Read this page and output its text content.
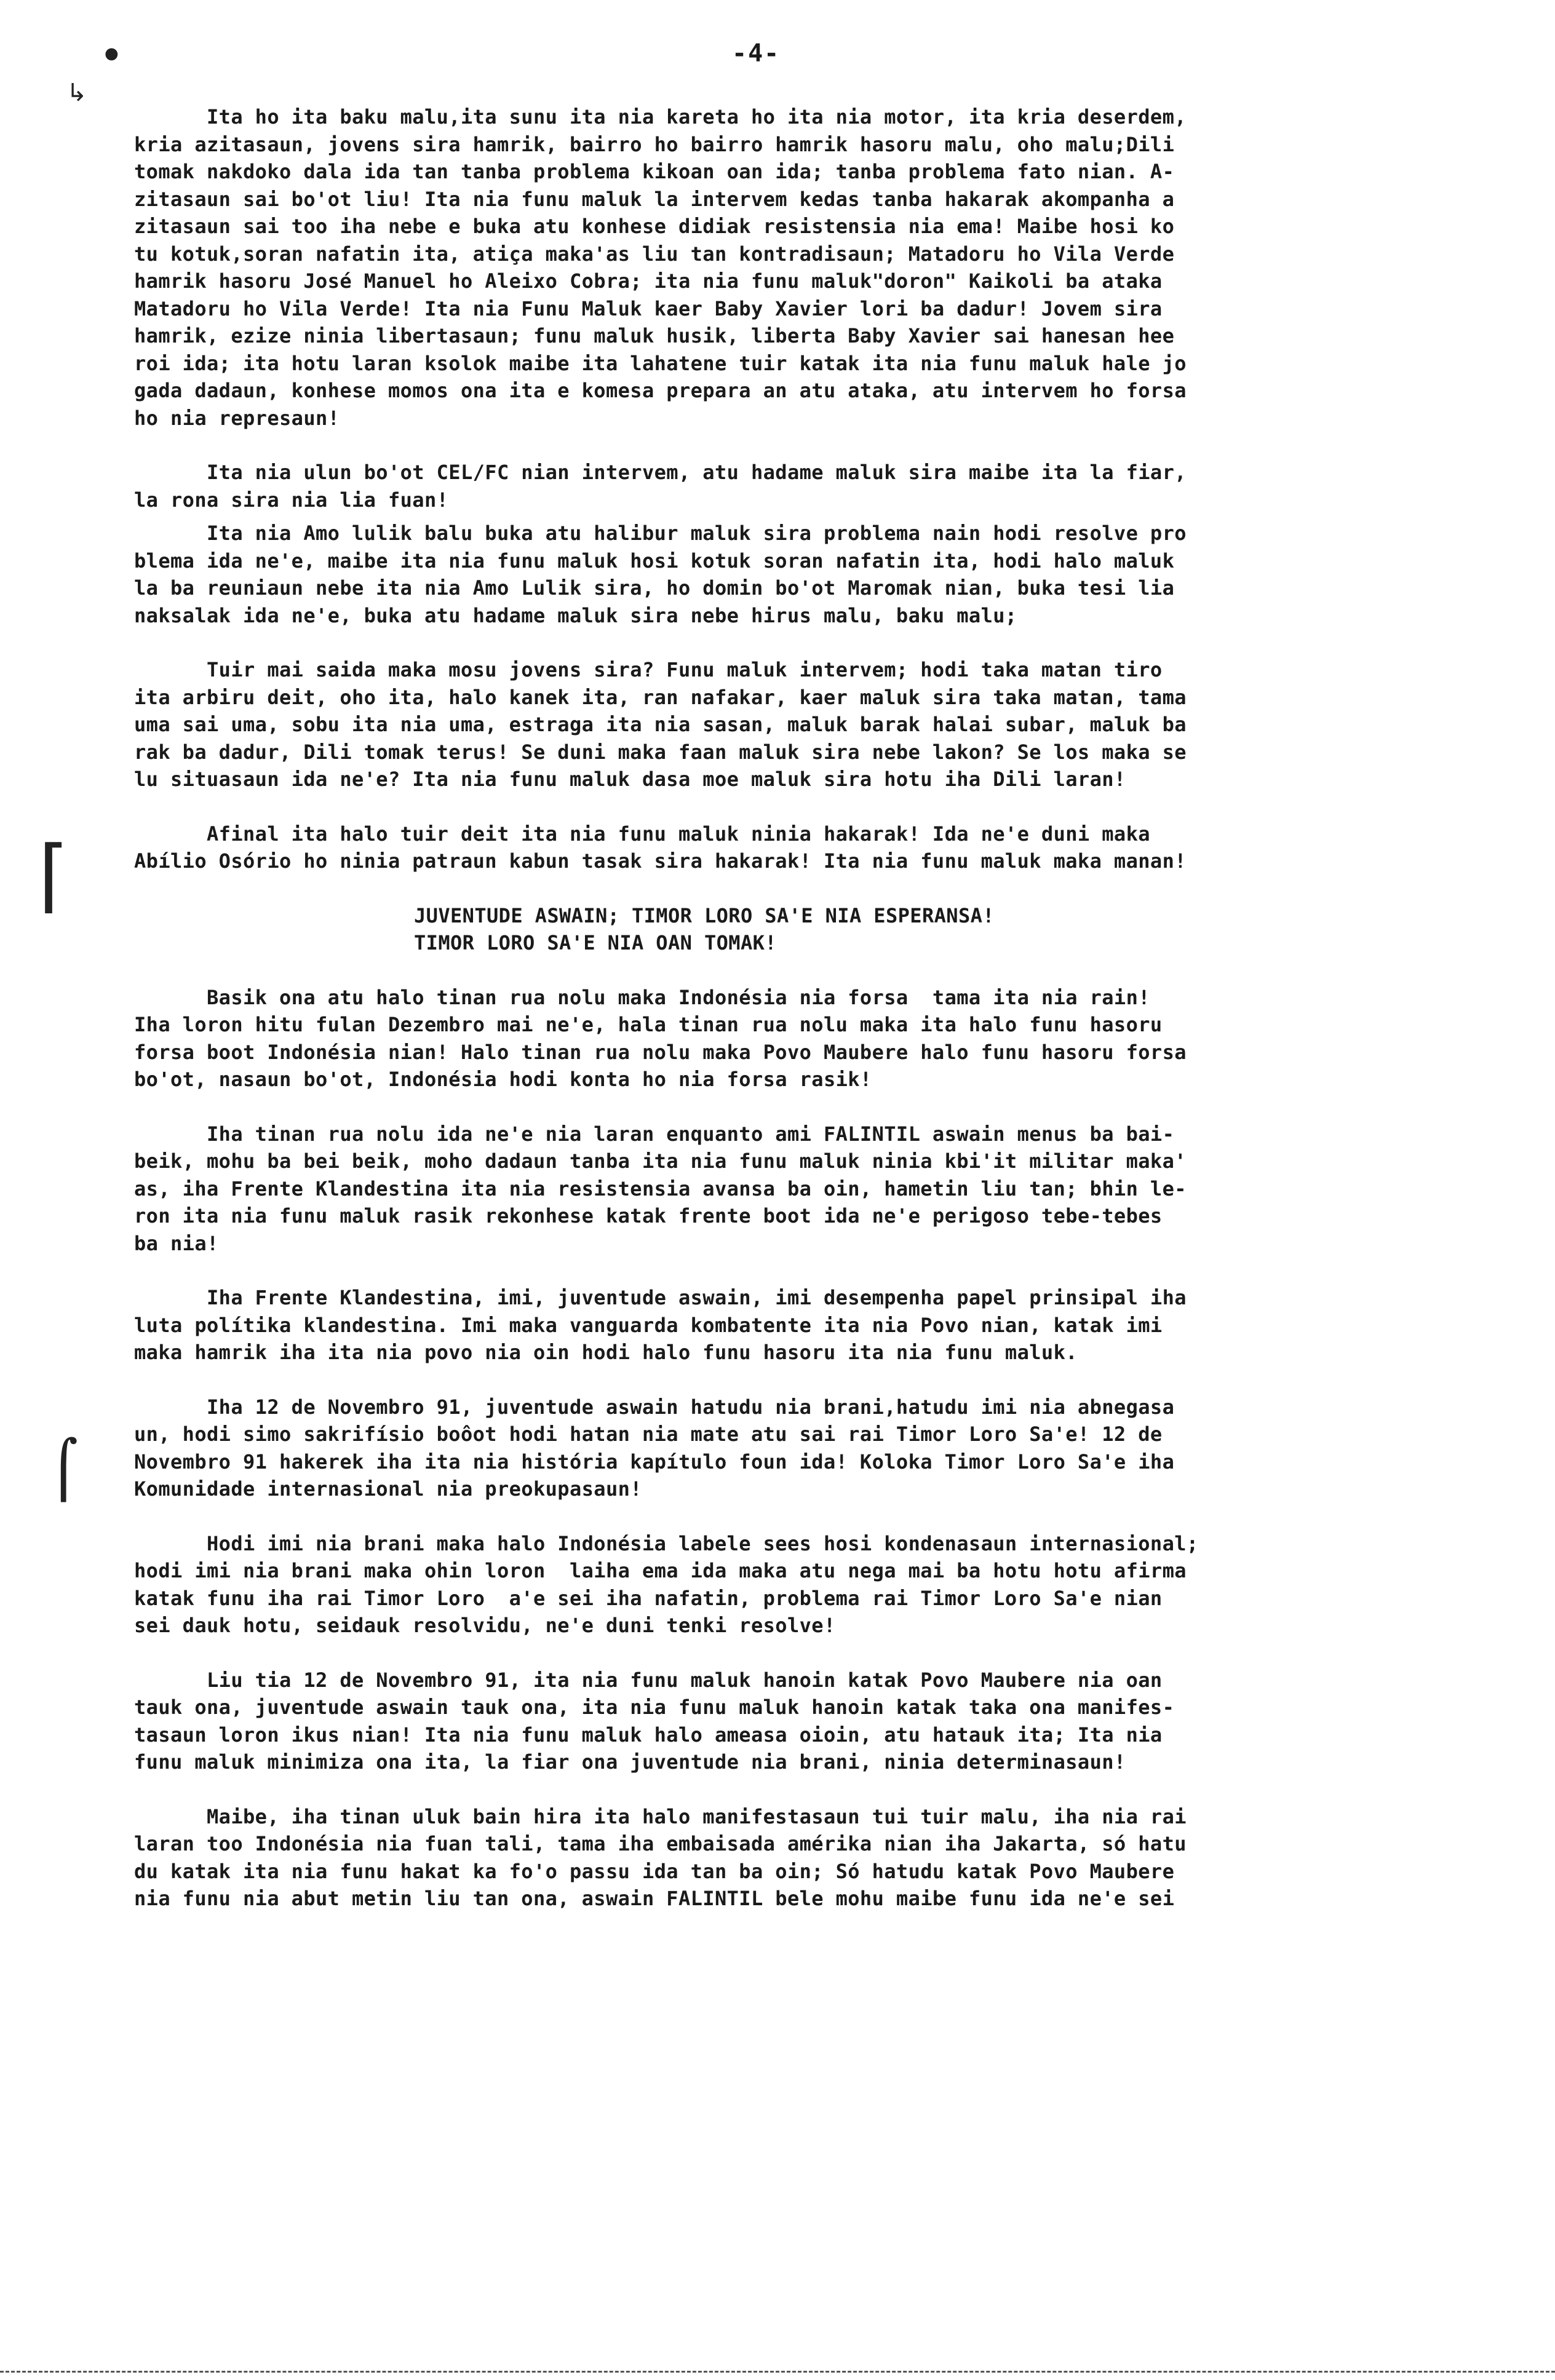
-4-
●
↳
⌈
⌠

Ita ho ita baku malu,ita sunu ita nia kareta ho ita nia motor, ita kria deserdem,
kria azitasaun, jovens sira hamrik, bairro ho bairro hamrik hasoru malu, oho malu;Dili
tomak nakdoko dala ida tan tanba problema kikoan oan ida; tanba problema fato nian. A-
zitasaun sai bo'ot liu! Ita nia funu maluk la intervem kedas tanba hakarak akompanha a
zitasaun sai too iha nebe e buka atu konhese didiak resistensia nia ema! Maibe hosi ko
tu kotuk,soran nafatin ita, atiça maka'as liu tan kontradisaun; Matadoru ho Vila Verde
hamrik hasoru José Manuel ho Aleixo Cobra; ita nia funu maluk"doron" Kaikoli ba ataka
Matadoru ho Vila Verde! Ita nia Funu Maluk kaer Baby Xavier lori ba dadur! Jovem sira
hamrik, ezize ninia libertasaun; funu maluk husik, liberta Baby Xavier sai hanesan hee
roi ida; ita hotu laran ksolok maibe ita lahatene tuir katak ita nia funu maluk hale jo
gada dadaun, konhese momos ona ita e komesa prepara an atu ataka, atu intervem ho forsa
ho nia represaun!

Ita nia ulun bo'ot CEL/FC nian intervem, atu hadame maluk sira maibe ita la fiar,
la rona sira nia lia fuan!

Ita nia Amo lulik balu buka atu halibur maluk sira problema nain hodi resolve pro
blema ida ne'e, maibe ita nia funu maluk hosi kotuk soran nafatin ita, hodi halo maluk
la ba reuniaun nebe ita nia Amo Lulik sira, ho domin bo'ot Maromak nian, buka tesi lia
naksalak ida ne'e, buka atu hadame maluk sira nebe hirus malu, baku malu;

Tuir mai saida maka mosu jovens sira? Funu maluk intervem; hodi taka matan tiro
ita arbiru deit, oho ita, halo kanek ita, ran nafakar, kaer maluk sira taka matan, tama
uma sai uma, sobu ita nia uma, estraga ita nia sasan, maluk barak halai subar, maluk ba
rak ba dadur, Dili tomak terus! Se duni maka faan maluk sira nebe lakon? Se los maka se
lu situasaun ida ne'e? Ita nia funu maluk dasa moe maluk sira hotu iha Dili laran!

Afinal ita halo tuir deit ita nia funu maluk ninia hakarak! Ida ne'e duni maka
Abílio Osório ho ninia patraun kabun tasak sira hakarak! Ita nia funu maluk maka manan!

JUVENTUDE ASWAIN; TIMOR LORO SA'E NIA ESPERANSA!
TIMOR LORO SA'E NIA OAN TOMAK!

Basik ona atu halo tinan rua nolu maka Indonésia nia forsa  tama ita nia rain!
Iha loron hitu fulan Dezembro mai ne'e, hala tinan rua nolu maka ita halo funu hasoru
forsa boot Indonésia nian! Halo tinan rua nolu maka Povo Maubere halo funu hasoru forsa
bo'ot, nasaun bo'ot, Indonésia hodi konta ho nia forsa rasik!

Iha tinan rua nolu ida ne'e nia laran enquanto ami FALINTIL aswain menus ba bai-
beik, mohu ba bei beik, moho dadaun tanba ita nia funu maluk ninia kbi'it militar maka'
as, iha Frente Klandestina ita nia resistensia avansa ba oin, hametin liu tan; bhin le-
ron ita nia funu maluk rasik rekonhese katak frente boot ida ne'e perigoso tebe-tebes
ba nia!

Iha Frente Klandestina, imi, juventude aswain, imi desempenha papel prinsipal iha
luta polítika klandestina. Imi maka vanguarda kombatente ita nia Povo nian, katak imi
maka hamrik iha ita nia povo nia oin hodi halo funu hasoru ita nia funu maluk.

Iha 12 de Novembro 91, juventude aswain hatudu nia brani,hatudu imi nia abnegasa
un, hodi simo sakrifísio boôot hodi hatan nia mate atu sai rai Timor Loro Sa'e! 12 de
Novembro 91 hakerek iha ita nia história kapítulo foun ida! Koloka Timor Loro Sa'e iha
Komunidade internasional nia preokupasaun!

Hodi imi nia brani maka halo Indonésia labele sees hosi kondenasaun internasional;
hodi imi nia brani maka ohin loron  laiha ema ida maka atu nega mai ba hotu hotu afirma
katak funu iha rai Timor Loro  a'e sei iha nafatin, problema rai Timor Loro Sa'e nian
sei dauk hotu, seidauk resolvidu, ne'e duni tenki resolve!

Liu tia 12 de Novembro 91, ita nia funu maluk hanoin katak Povo Maubere nia oan
tauk ona, juventude aswain tauk ona, ita nia funu maluk hanoin katak taka ona manifes-
tasaun loron ikus nian! Ita nia funu maluk halo ameasa oioin, atu hatauk ita; Ita nia
funu maluk minimiza ona ita, la fiar ona juventude nia brani, ninia determinasaun!

Maibe, iha tinan uluk bain hira ita halo manifestasaun tui tuir malu, iha nia rai
laran too Indonésia nia fuan tali, tama iha embaisada amérika nian iha Jakarta, só hatu
du katak ita nia funu hakat ka fo'o passu ida tan ba oin; Só hatudu katak Povo Maubere
nia funu nia abut metin liu tan ona, aswain FALINTIL bele mohu maibe funu ida ne'e sei
